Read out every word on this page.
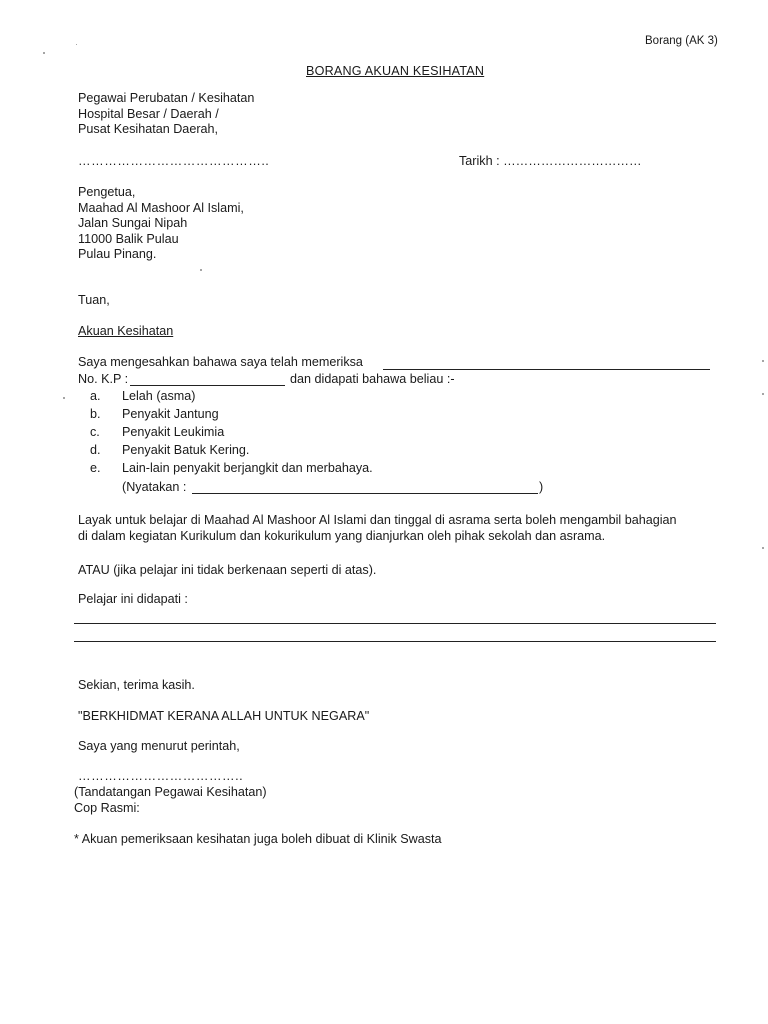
Borang (AK 3)
BORANG AKUAN KESIHATAN
Pegawai Perubatan / Kesihatan
Hospital Besar / Daerah /
Pusat Kesihatan Daerah,
……………………………………..	Tarikh : ……………………………
Pengetua,
Maahad Al Mashoor Al Islami,
Jalan Sungai Nipah
11000 Balik Pulau
Pulau Pinang.
Tuan,
Akuan Kesihatan
Saya mengesahkan bahawa saya telah memeriksa
No. K.P :	dan didapati bahawa beliau :-
a. Lelah (asma)
b. Penyakit Jantung
c. Penyakit Leukimia
d. Penyakit Batuk Kering.
e. Lain-lain penyakit berjangkit dan merbahaya.
(Nyatakan :	)
Layak untuk belajar di Maahad Al Mashoor Al Islami dan tinggal di asrama serta boleh mengambil bahagian
di dalam kegiatan Kurikulum dan kokurikulum yang dianjurkan oleh pihak sekolah dan asrama.
ATAU (jika pelajar ini tidak berkenaan seperti di atas).
Pelajar ini didapati :
Sekian, terima kasih.
"BERKHIDMAT KERANA ALLAH UNTUK NEGARA"
Saya yang menurut perintah,
………………………………..
(Tandatangan Pegawai Kesihatan)
Cop Rasmi:
* Akuan pemeriksaan kesihatan juga boleh dibuat di Klinik Swasta
